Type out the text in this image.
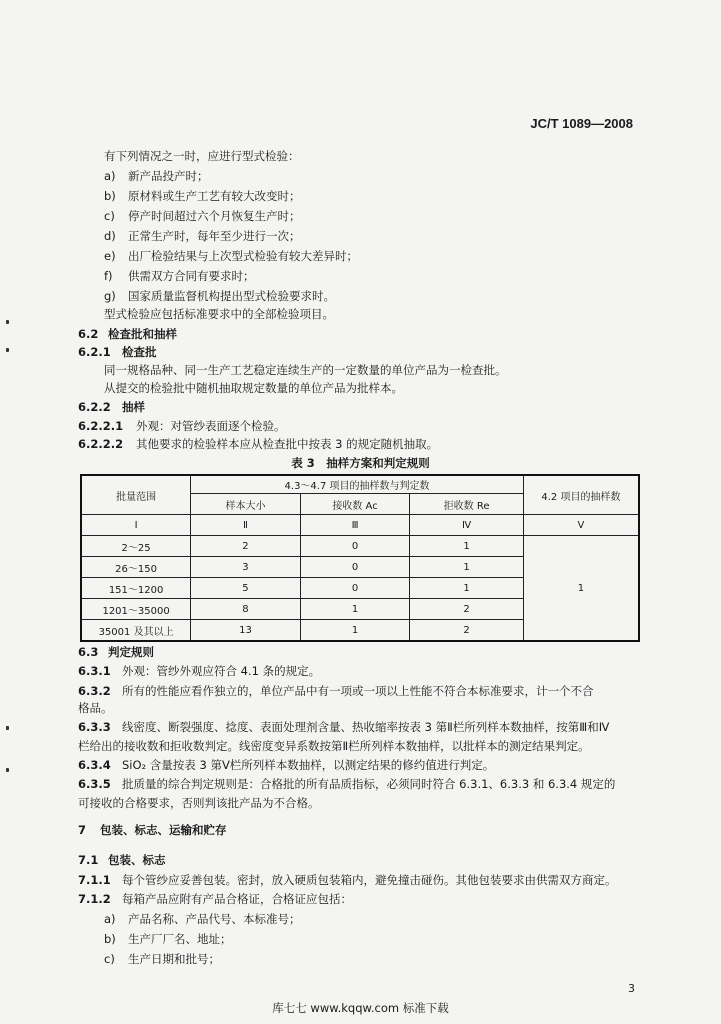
JC/T 1089—2008
有下列情况之一时，应进行型式检验：
a) 新产品投产时；
b) 原材料或生产工艺有较大改变时；
c) 停产时间超过六个月恢复生产时；
d) 正常生产时，每年至少进行一次；
e) 出厂检验结果与上次型式检验有较大差异时；
f) 供需双方合同有要求时；
g) 国家质量监督机构提出型式检验要求时。
型式检验应包括标准要求中的全部检验项目。
6.2 检查批和抽样
6.2.1 检查批
同一规格品种、同一生产工艺稳定连续生产的一定数量的单位产品为一检查批。
从提交的检验批中随机抽取规定数量的单位产品为批样本。
6.2.2 抽样
6.2.2.1 外观：对管纱表面逐个检验。
6.2.2.2 其他要求的检验样本应从检查批中按表 3 的规定随机抽取。
表 3　抽样方案和判定规则
批量范围	4.3～4.7 项目的抽样数与判定数			4.2 项目的抽样数
	样本大小	接收数 Ac	拒收数 Re	
Ⅰ	Ⅱ	Ⅲ	Ⅳ	Ⅴ
2～25	2	0	1	1
26～150	3	0	1	
151～1200	5	0	1	
1201～35000	8	1	2	
35001 及其以上	13	1	2	
6.3 判定规则
6.3.1 外观：管纱外观应符合 4.1 条的规定。
6.3.2 所有的性能应看作独立的，单位产品中有一项或一项以上性能不符合本标准要求，计一个不合
格品。
6.3.3 线密度、断裂强度、捻度、表面处理剂含量、热收缩率按表 3 第Ⅱ栏所列样本数抽样，按第Ⅲ和Ⅳ
栏给出的接收数和拒收数判定。线密度变异系数按第Ⅱ栏所列样本数抽样，以批样本的测定结果判定。
6.3.4 SiO₂ 含量按表 3 第Ⅴ栏所列样本数抽样，以测定结果的修约值进行判定。
6.3.5 批质量的综合判定规则是：合格批的所有品质指标，必须同时符合 6.3.1、6.3.3 和 6.3.4 规定的
可接收的合格要求，否则判该批产品为不合格。
7 包装、标志、运输和贮存
7.1 包装、标志
7.1.1 每个管纱应妥善包装。密封，放入硬质包装箱内，避免撞击碰伤。其他包装要求由供需双方商定。
7.1.2 每箱产品应附有产品合格证，合格证应包括：
a) 产品名称、产品代号、本标准号；
b) 生产厂厂名、地址；
c) 生产日期和批号；
3
库七七 www.kqqw.com 标准下载
